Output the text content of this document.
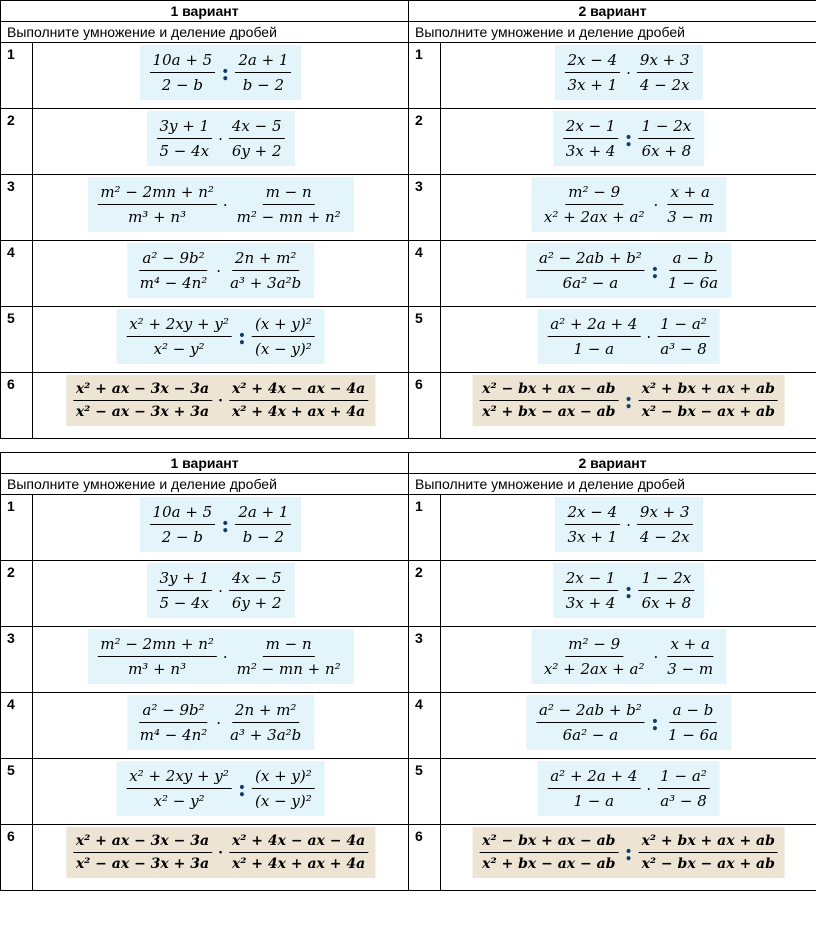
1 вариант		2 вариант	
Выполните умножение и деление дробей		Выполните умножение и деление дробей	
1	$\frac{10a + 5}{2 - b}$ : $\frac{2a + 1}{b - 2}$	1	$\frac{2x - 4}{3x + 1} \cdot \frac{9x + 3}{4 - 2x}$

2	$\frac{3y + 1}{5 - 4x} \cdot \frac{4x - 5}{6y + 2}$	2	$\frac{2x - 1}{3x + 4}$ : $\frac{1 - 2x}{6x + 8}$

3	$\frac{\text{m² − 2mn + n²}}{\text{m³ + n³}} \cdot \frac{m - n}{\text{m² − mn + n²}}$	3	$\frac{\text{m² − 9}}{\text{x² + 2ax + a²}} \cdot \frac{x + a}{3 - m}$

4	$\frac{\text{a² − 9b²}}{\text{m⁴ − 4n²}} \cdot \frac{\text{2n + m²}}{\text{a³ + 3a²b}}$	4	$\frac{\text{a² − 2ab + b²}}{\text{6a² − a}}$ : $\frac{a - b}{1 - 6a}$

5	$\frac{\text{x² + 2xy + y²}}{\text{x² − y²}}$ : $\frac{\text{(x + y)²}}{\text{(x − y)²}}$	5	$\frac{\text{a² + 2a + 4}}{1 - a} \cdot \frac{\text{1 − a²}}{\text{a³ − 8}}$

6	$\frac{\text{x² + ax − 3x − 3a}}{\text{x² − ax − 3x + 3a}} \cdot \frac{\text{x² + 4x − ax − 4a}}{\text{x² + 4x + ax + 4a}}$	6	$\frac{\text{x² − bx + ax − ab}}{\text{x² + bx − ax − ab}}$ : $\frac{\text{x² + bx + ax + ab}}{\text{x² − bx − ax + ab}}$
1 вариант		2 вариант	
Выполните умножение и деление дробей		Выполните умножение и деление дробей	
1	$\frac{10a + 5}{2 - b}$ : $\frac{2a + 1}{b - 2}$	1	$\frac{2x - 4}{3x + 1} \cdot \frac{9x + 3}{4 - 2x}$

2	$\frac{3y + 1}{5 - 4x} \cdot \frac{4x - 5}{6y + 2}$	2	$\frac{2x - 1}{3x + 4}$ : $\frac{1 - 2x}{6x + 8}$

3	$\frac{\text{m² − 2mn + n²}}{\text{m³ + n³}} \cdot \frac{m - n}{\text{m² − mn + n²}}$	3	$\frac{\text{m² − 9}}{\text{x² + 2ax + a²}} \cdot \frac{x + a}{3 - m}$

4	$\frac{\text{a² − 9b²}}{\text{m⁴ − 4n²}} \cdot \frac{\text{2n + m²}}{\text{a³ + 3a²b}}$	4	$\frac{\text{a² − 2ab + b²}}{\text{6a² − a}}$ : $\frac{a - b}{1 - 6a}$

5	$\frac{\text{x² + 2xy + y²}}{\text{x² − y²}}$ : $\frac{\text{(x + y)²}}{\text{(x − y)²}}$	5	$\frac{\text{a² + 2a + 4}}{1 - a} \cdot \frac{\text{1 − a²}}{\text{a³ − 8}}$

6	$\frac{\text{x² + ax − 3x − 3a}}{\text{x² − ax − 3x + 3a}} \cdot \frac{\text{x² + 4x − ax − 4a}}{\text{x² + 4x + ax + 4a}}$	6	$\frac{\text{x² − bx + ax − ab}}{\text{x² + bx − ax − ab}}$ : $\frac{\text{x² + bx + ax + ab}}{\text{x² − bx − ax + ab}}$
